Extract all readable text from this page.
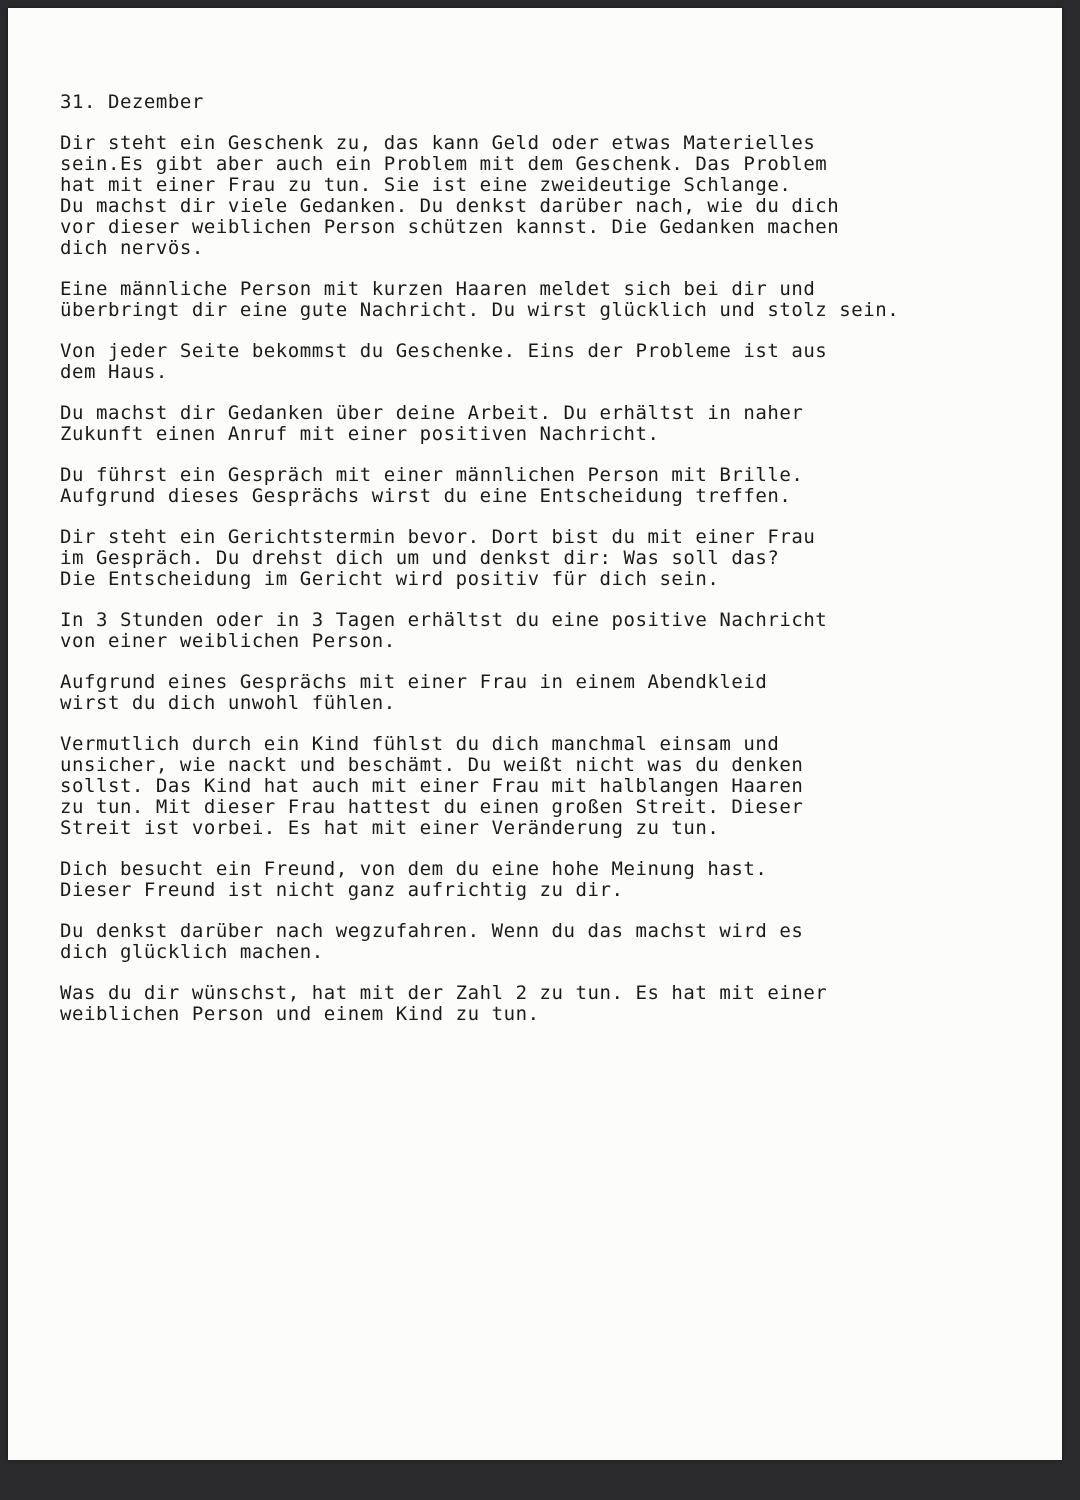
31. Dezember
Dir steht ein Geschenk zu, das kann Geld oder etwas Materielles
sein.Es gibt aber auch ein Problem mit dem Geschenk. Das Problem
hat mit einer Frau zu tun. Sie ist eine zweideutige Schlange.
Du machst dir viele Gedanken. Du denkst darüber nach, wie du dich
vor dieser weiblichen Person schützen kannst. Die Gedanken machen
dich nervös.
Eine männliche Person mit kurzen Haaren meldet sich bei dir und
überbringt dir eine gute Nachricht. Du wirst glücklich und stolz sein.
Von jeder Seite bekommst du Geschenke. Eins der Probleme ist aus
dem Haus.
Du machst dir Gedanken über deine Arbeit. Du erhältst in naher
Zukunft einen Anruf mit einer positiven Nachricht.
Du führst ein Gespräch mit einer männlichen Person mit Brille.
Aufgrund dieses Gesprächs wirst du eine Entscheidung treffen.
Dir steht ein Gerichtstermin bevor. Dort bist du mit einer Frau
im Gespräch. Du drehst dich um und denkst dir: Was soll das?
Die Entscheidung im Gericht wird positiv für dich sein.
In 3 Stunden oder in 3 Tagen erhältst du eine positive Nachricht
von einer weiblichen Person.
Aufgrund eines Gesprächs mit einer Frau in einem Abendkleid
wirst du dich unwohl fühlen.
Vermutlich durch ein Kind fühlst du dich manchmal einsam und
unsicher, wie nackt und beschämt. Du weißt nicht was du denken
sollst. Das Kind hat auch mit einer Frau mit halblangen Haaren
zu tun. Mit dieser Frau hattest du einen großen Streit. Dieser
Streit ist vorbei. Es hat mit einer Veränderung zu tun.
Dich besucht ein Freund, von dem du eine hohe Meinung hast.
Dieser Freund ist nicht ganz aufrichtig zu dir.
Du denkst darüber nach wegzufahren. Wenn du das machst wird es
dich glücklich machen.
Was du dir wünschst, hat mit der Zahl 2 zu tun. Es hat mit einer
weiblichen Person und einem Kind zu tun.
